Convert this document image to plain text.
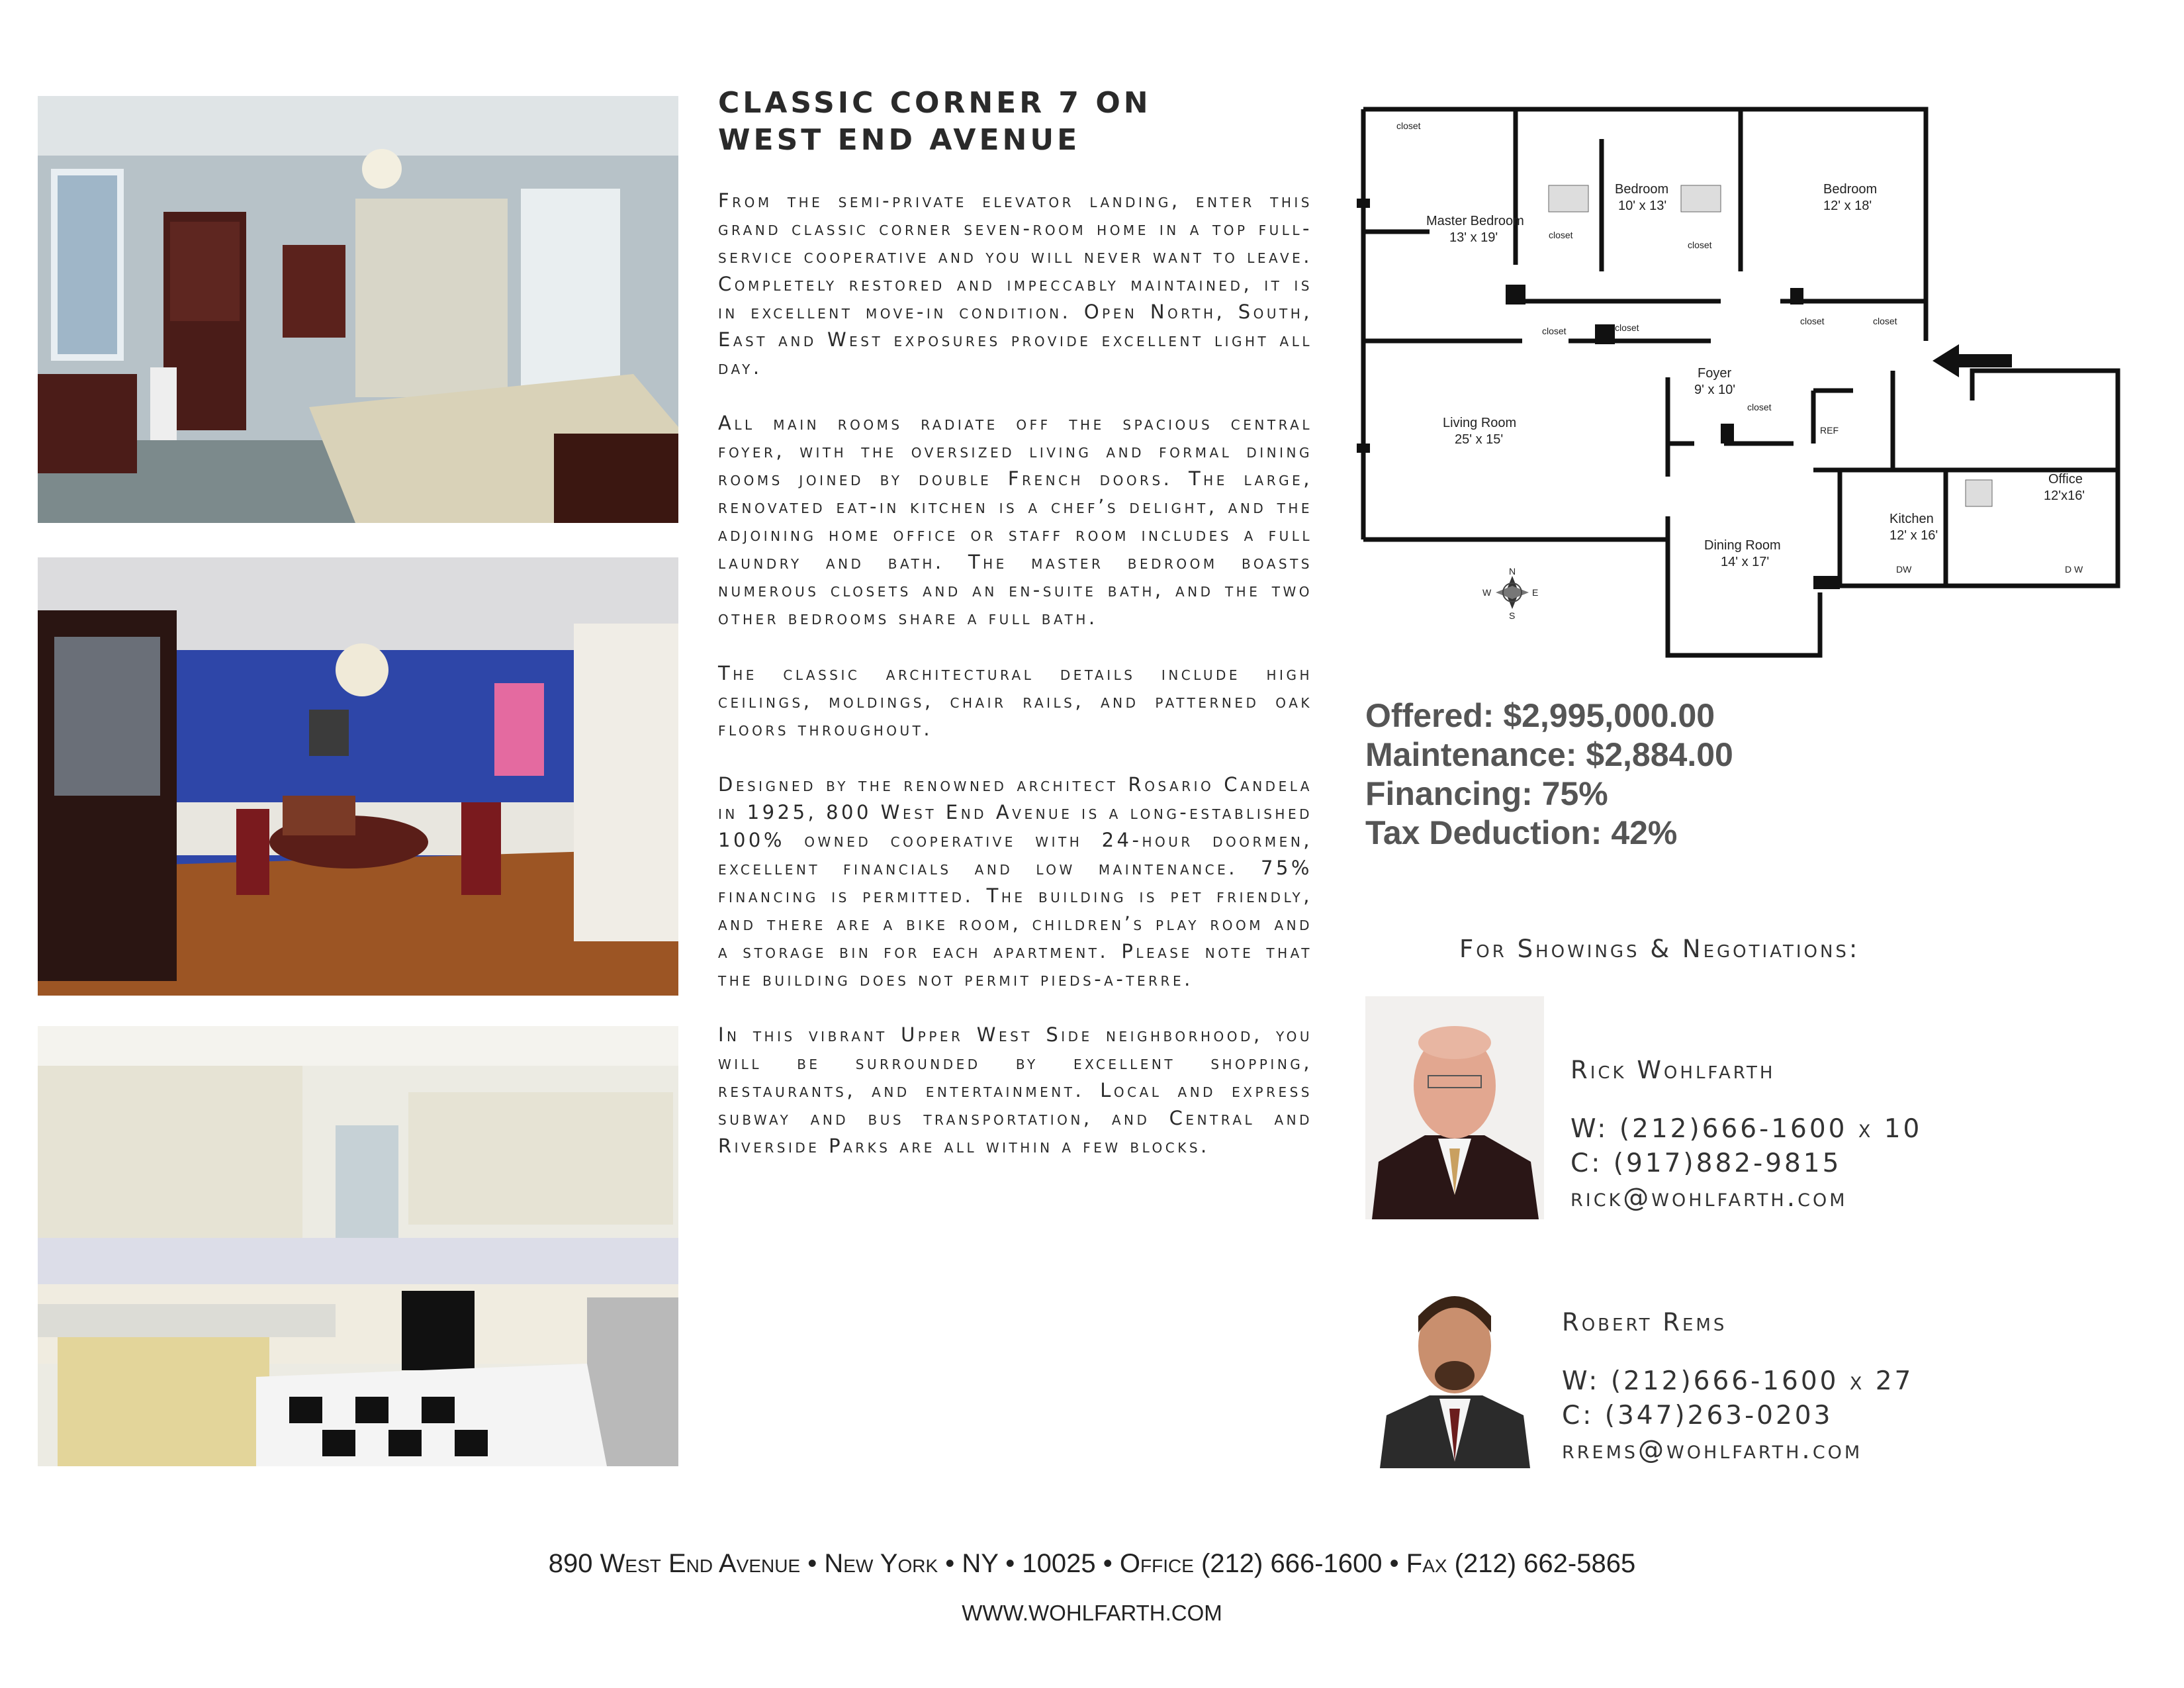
CLASSIC CORNER 7 ON
WEST END AVENUE

From the semi-private elevator landing, enter this grand classic corner seven-room home in a top full-service cooperative and you will never want to leave. Completely restored and impeccably maintained, it is in excellent move-in condition. Open North, South, East and West exposures provide excellent light all day.

All main rooms radiate off the spacious central foyer, with the oversized living and formal dining rooms joined by double French doors. The large, renovated eat-in kitchen is a chef’s delight, and the adjoining home office or staff room includes a full laundry and bath. The master bedroom boasts numerous closets and an en-suite bath, and the two other bedrooms share a full bath.

The classic architectural details include high ceilings, moldings, chair rails, and patterned oak floors throughout.

Designed by the renowned architect Rosario Candela in 1925, 800 West End Avenue is a long-established 100% owned cooperative with 24-hour doormen, excellent financials and low maintenance. 75% financing is permitted. The building is pet friendly, and there are a bike room, children’s play room and a storage bin for each apartment. Please note that the building does not permit pieds-a-terre.

In this vibrant Upper West Side neighborhood, you will be surrounded by excellent shopping, restaurants, and entertainment. Local and express subway and bus transportation, and Central and Riverside Parks are all within a few blocks.

closet
closet
closet
closet	closet
closet	closet
closet
REF
DW	D W
Master Bedroom
13' x 19'
Bedroom
10' x 13'
Bedroom
12' x 18'
Living Room
25' x 15'
Foyer
9' x 10'
Dining Room
14' x 17'
Kitchen
12' x 16'
Office
12'x16'
N
S
E
W
Offered: $2,995,000.00
Maintenance: $2,884.00
Financing: 75%
Tax Deduction: 42%
For Showings & Negotiations:
Rick Wohlfarth
W: (212)666-1600 x 10
C: (917)882-9815
rick@wohlfarth.com
Robert Rems
W: (212)666-1600 x 27
C: (347)263-0203
rrems@wohlfarth.com
890 West End Avenue • New York • NY • 10025 • Office (212) 666-1600 • Fax (212) 662-5865
WWW.WOHLFARTH.COM
